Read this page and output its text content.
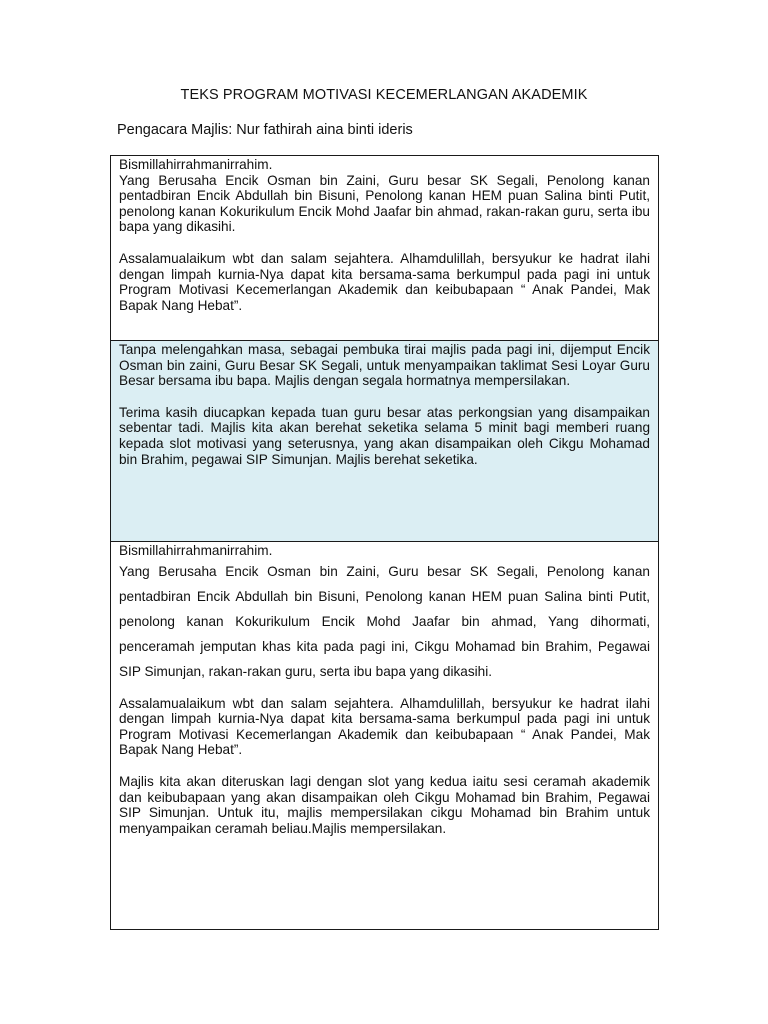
TEKS PROGRAM MOTIVASI KECEMERLANGAN AKADEMIK
Pengacara Majlis: Nur fathirah aina binti ideris

Bismillahirrahmanirrahim.

Yang Berusaha Encik Osman bin Zaini, Guru besar SK Segali, Penolong kanan pentadbiran Encik Abdullah bin Bisuni, Penolong kanan HEM puan Salina binti Putit, penolong kanan Kokurikulum Encik Mohd Jaafar bin ahmad, rakan-rakan guru, serta ibu bapa yang dikasihi.

Assalamualaikum wbt dan salam sejahtera. Alhamdulillah, bersyukur ke hadrat ilahi dengan limpah kurnia-Nya dapat kita bersama-sama berkumpul pada pagi ini untuk Program Motivasi Kecemerlangan Akademik dan keibubapaan “ Anak Pandei, Mak Bapak Nang Hebat”.

Tanpa melengahkan masa, sebagai pembuka tirai majlis pada pagi ini, dijemput Encik Osman bin zaini, Guru Besar SK Segali, untuk menyampaikan taklimat Sesi Loyar Guru Besar bersama ibu bapa. Majlis dengan segala hormatnya mempersilakan.

Terima kasih diucapkan kepada tuan guru besar atas perkongsian yang disampaikan sebentar tadi. Majlis kita akan berehat seketika selama 5 minit bagi memberi ruang kepada slot motivasi yang seterusnya, yang akan disampaikan oleh Cikgu Mohamad bin Brahim, pegawai SIP Simunjan. Majlis berehat seketika.

Bismillahirrahmanirrahim.

Yang Berusaha Encik Osman bin Zaini, Guru besar SK Segali, Penolong kanan pentadbiran Encik Abdullah bin Bisuni, Penolong kanan HEM puan Salina binti Putit, penolong kanan Kokurikulum Encik Mohd Jaafar bin ahmad, Yang dihormati, penceramah jemputan khas kita pada pagi ini, Cikgu Mohamad bin Brahim, Pegawai SIP Simunjan, rakan-rakan guru, serta ibu bapa yang dikasihi.

Assalamualaikum wbt dan salam sejahtera. Alhamdulillah, bersyukur ke hadrat ilahi dengan limpah kurnia-Nya dapat kita bersama-sama berkumpul pada pagi ini untuk Program Motivasi Kecemerlangan Akademik dan keibubapaan “ Anak Pandei, Mak Bapak Nang Hebat”.

Majlis kita akan diteruskan lagi dengan slot yang kedua iaitu sesi ceramah akademik dan keibubapaan yang akan disampaikan oleh Cikgu Mohamad bin Brahim, Pegawai SIP Simunjan. Untuk itu, majlis mempersilakan cikgu Mohamad bin Brahim untuk menyampaikan ceramah beliau.Majlis mempersilakan.
